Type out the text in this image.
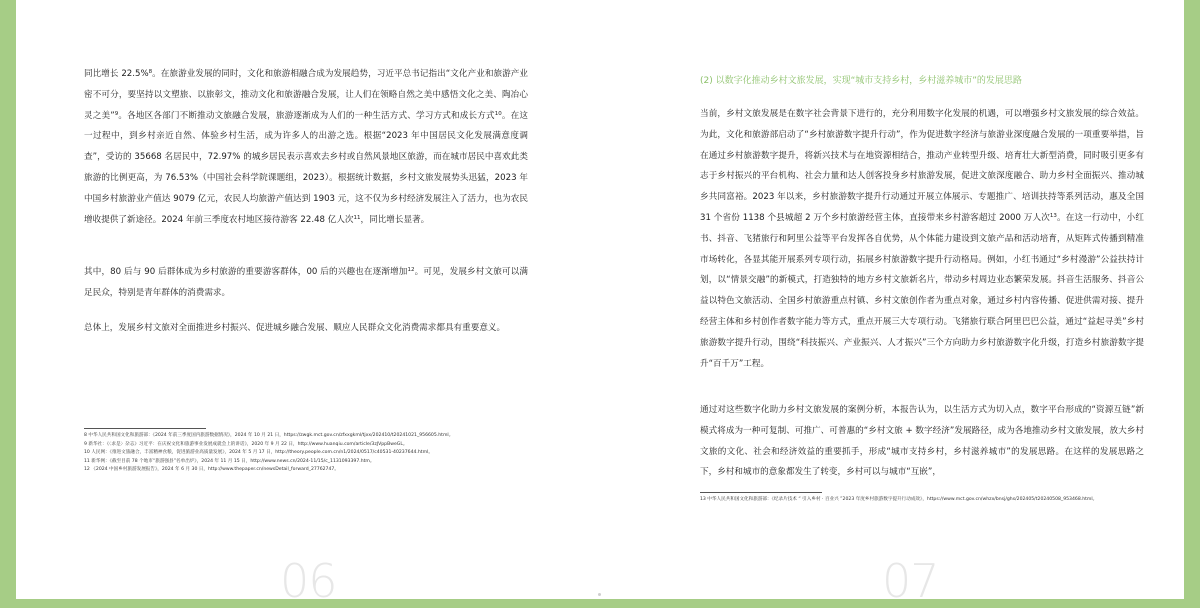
同比增长 22.5%$^8$。在旅游业发展的同时，文化和旅游相融合成为发展趋势，习近平总书记指出“文化产业和旅游产业密不可分，要坚持以文塑旅、以旅彰文，推动文化和旅游融合发展，让人们在领略自然之美中感悟文化之美、陶冶心灵之美”$^9$。各地区各部门不断推动文旅融合发展，旅游逐渐成为人们的一种生活方式、学习方式和成长方式$^{10}$。在这一过程中，到乡村亲近自然、体验乡村生活，成为许多人的出游之选。根据“2023 年中国居民文化发展满意度调查”，受访的 35668 名居民中，72.97% 的城乡居民表示喜欢去乡村或自然风景地区旅游，而在城市居民中喜欢此类旅游的比例更高，为 76.53%（中国社会科学院课题组，2023）。根据统计数据，乡村文旅发展势头迅猛，2023 年中国乡村旅游业产值达 9079 亿元，农民人均旅游产值达到 1903 元，这不仅为乡村经济发展注入了活力，也为农民增收提供了新途径。2024 年前三季度农村地区接待游客 22.48 亿人次$^{11}$，同比增长显著。

其中，80 后与 90 后群体成为乡村旅游的重要游客群体，00 后的兴趣也在逐渐增加$^{12}$。可见，发展乡村文旅可以满足民众，特别是青年群体的消费需求。

总体上，发展乡村文旅对全面推进乡村振兴、促进城乡融合发展、顺应人民群众文化消费需求都具有重要意义。

8 中华人民共和国文化和旅游部：《2024 年前三季度国内旅游数据情况》，2024 年 10 月 21 日，https://zwgk.mct.gov.cn/zfxxgkml/tjxx/202410/t20241021_956605.html。
9 新华社：《〈求是〉杂志》习近平：在庆祝文化和旅游事业发展成就会上的讲话》，2020 年 9 月 22 日，http://www.huanqiu.com/article/3zJVppBweGL。
10 人民网：《推进文旅融合，丰富精神食粮，促进旅游业高质量发展》，2024 年 5 月 17 日，http://theory.people.com.cn/n1/2024/0517/c40531-40237644.html。
11 新华网：《截至目前 78 个地市“旅游强县”名单出炉》，2024 年 11 月 15 日，http://www.news.cn/2024-11/15/c_1131093397.htm。
12 《2024 中国乡村旅游发展报告》，2024 年 6 月 30 日，http://www.thepaper.cn/newsDetail_forward_27762747。
06

(2) 以数字化推动乡村文旅发展，实现“城市支持乡村，乡村滋养城市”的发展思路

当前，乡村文旅发展是在数字社会背景下进行的，充分利用数字化发展的机遇，可以增强乡村文旅发展的综合效益。为此，文化和旅游部启动了“乡村旅游数字提升行动”，作为促进数字经济与旅游业深度融合发展的一项重要举措，旨在通过乡村旅游数字提升，将新兴技术与在地资源相结合，推动产业转型升级、培育壮大新型消费，同时吸引更多有志于乡村振兴的平台机构、社会力量和达人创客投身乡村旅游发展，促进文旅深度融合、助力乡村全面振兴、推动城乡共同富裕。2023 年以来，乡村旅游数字提升行动通过开展立体展示、专题推广、培训扶持等系列活动，惠及全国 31 个省份 1138 个县城超 2 万个乡村旅游经营主体，直接带来乡村游客超过 2000 万人次$^{13}$。在这一行动中，小红书、抖音、飞猪旅行和阿里公益等平台发挥各自优势，从个体能力建设到文旅产品和活动培育，从矩阵式传播到精准市场转化，各显其能开展系列专项行动，拓展乡村旅游数字提升行动格局。例如，小红书通过“乡村漫游”公益扶持计划，以“情景交融”的新模式，打造独特的地方乡村文旅新名片，带动乡村周边业态繁荣发展。抖音生活服务、抖音公益以特色文旅活动、全国乡村旅游重点村镇、乡村文旅创作者为重点对象，通过乡村内容传播、促进供需对接、提升经营主体和乡村创作者数字能力等方式，重点开展三大专项行动。飞猪旅行联合阿里巴巴公益，通过“益起寻美”乡村旅游数字提升行动，围绕“科技振兴、产业振兴、人才振兴”三个方向助力乡村旅游数字化升级，打造乡村旅游数字提升“百千万”工程。

通过对这些数字化助力乡村文旅发展的案例分析，本报告认为，以生活方式为切入点，数字平台形成的“资源互链”新模式将成为一种可复制、可推广、可普惠的“乡村文旅 + 数字经济”发展路径，成为各地推动乡村文旅发展，放大乡村文旅的文化、社会和经济效益的重要抓手，形成“城市支持乡村，乡村滋养城市”的发展思路。在这样的发展思路之下，乡村和城市的意象都发生了转变，乡村可以与城市“互嵌”，

13 中华人民共和国文化和旅游部：《纪录片技术 “ 引入乡村 · 百业兴 ”2023 年度乡村旅游数字提升行动成效》，https://www.mct.gov.cn/whzx/bnsj/ghs/202405/t20240508_953468.html。
07
